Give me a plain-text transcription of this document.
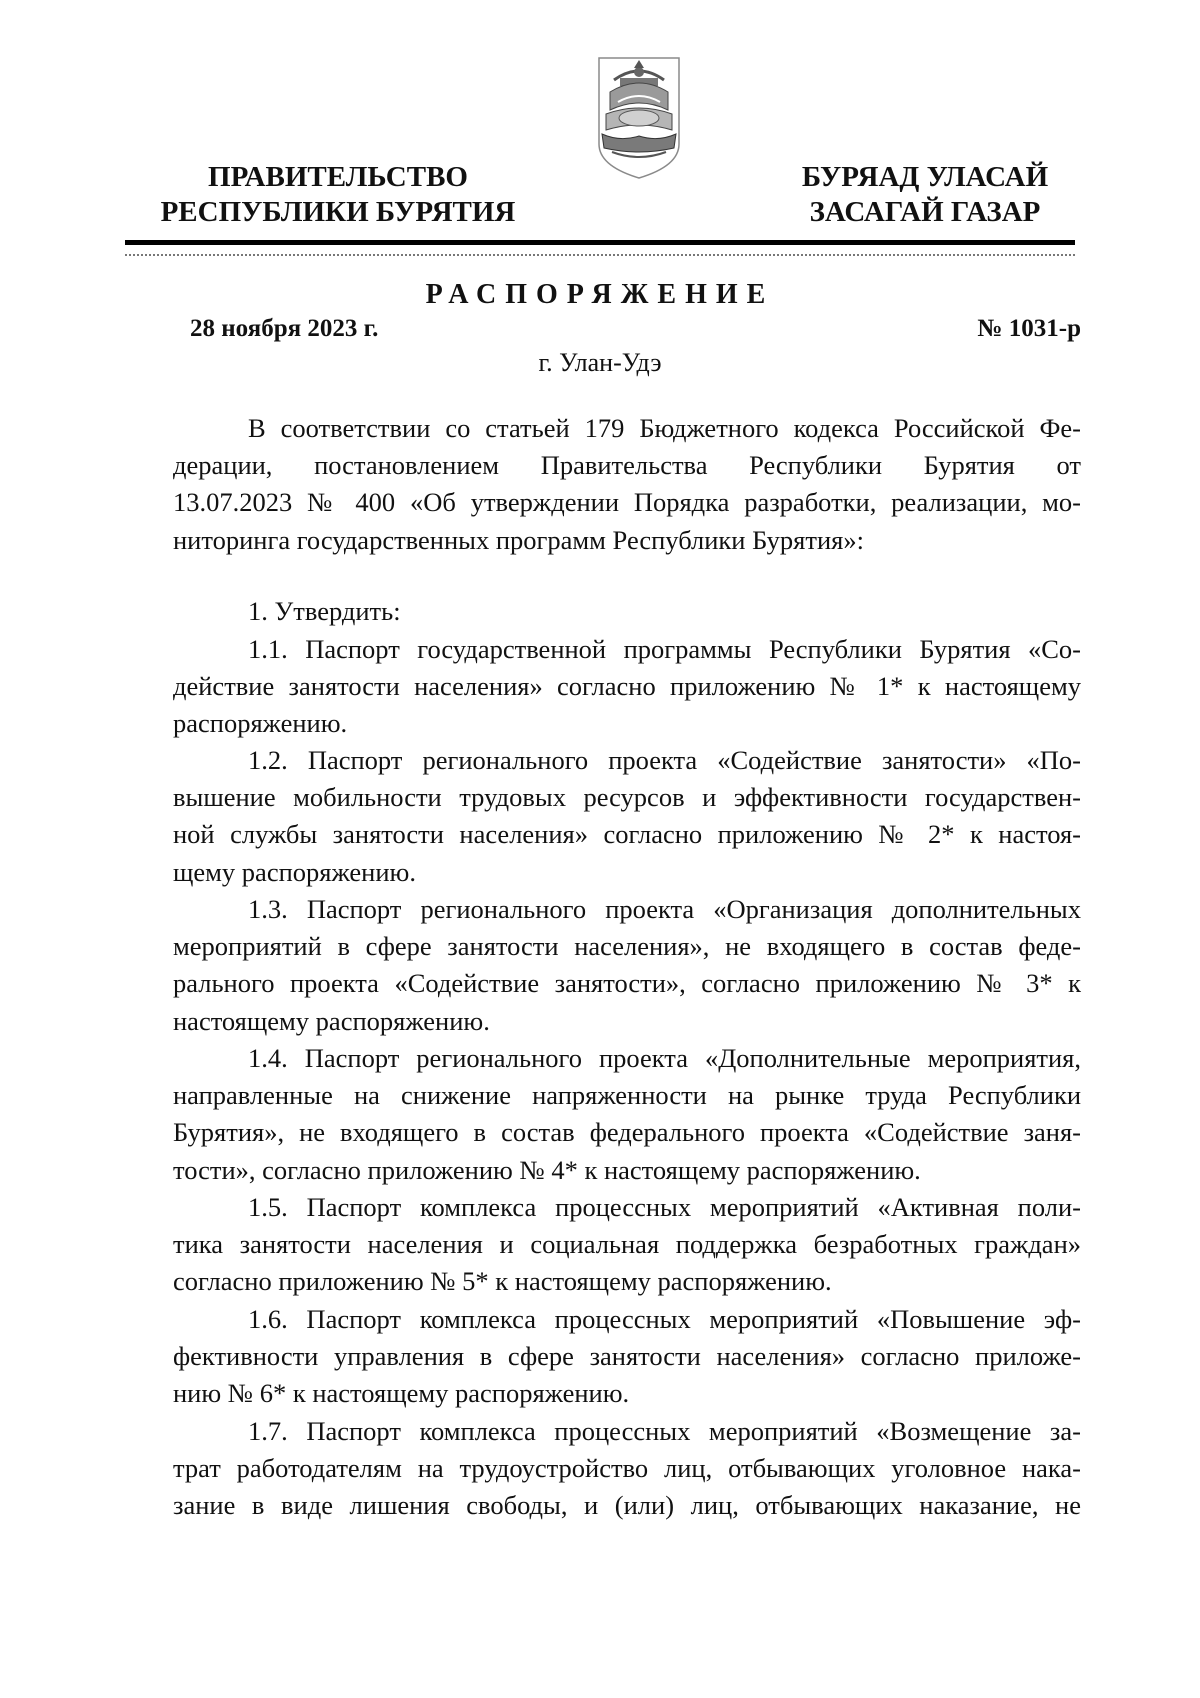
ПРАВИТЕЛЬСТВО
РЕСПУБЛИКИ БУРЯТИЯ
БУРЯАД УЛАСАЙ
ЗАСАГАЙ ГАЗАР
РАСПОРЯЖЕНИЕ
28 ноября 2023 г.	№ 1031-р
г. Улан-Удэ
В соответствии со статьей 179 Бюджетного кодекса Российской Фе-
дерации, постановлением Правительства Республики Бурятия от
13.07.2023 № 400 «Об утверждении Порядка разработки, реализации, мо-
ниторинга государственных программ Республики Бурятия»:
1. Утвердить:
1.1. Паспорт государственной программы Республики Бурятия «Со-
действие занятости населения» согласно приложению № 1* к настоящему
распоряжению.
1.2. Паспорт регионального проекта «Содействие занятости» «По-
вышение мобильности трудовых ресурсов и эффективности государствен-
ной службы занятости населения» согласно приложению № 2* к настоя-
щему распоряжению.
1.3. Паспорт регионального проекта «Организация дополнительных
мероприятий в сфере занятости населения», не входящего в состав феде-
рального проекта «Содействие занятости», согласно приложению № 3* к
настоящему распоряжению.
1.4. Паспорт регионального проекта «Дополнительные мероприятия,
направленные на снижение напряженности на рынке труда Республики
Бурятия», не входящего в состав федерального проекта «Содействие заня-
тости», согласно приложению № 4* к настоящему распоряжению.
1.5. Паспорт комплекса процессных мероприятий «Активная поли-
тика занятости населения и социальная поддержка безработных граждан»
согласно приложению № 5* к настоящему распоряжению.
1.6. Паспорт комплекса процессных мероприятий «Повышение эф-
фективности управления в сфере занятости населения» согласно приложе-
нию № 6* к настоящему распоряжению.
1.7. Паспорт комплекса процессных мероприятий «Возмещение за-
трат работодателям на трудоустройство лиц, отбывающих уголовное нака-
зание в виде лишения свободы, и (или) лиц, отбывающих наказание, не
